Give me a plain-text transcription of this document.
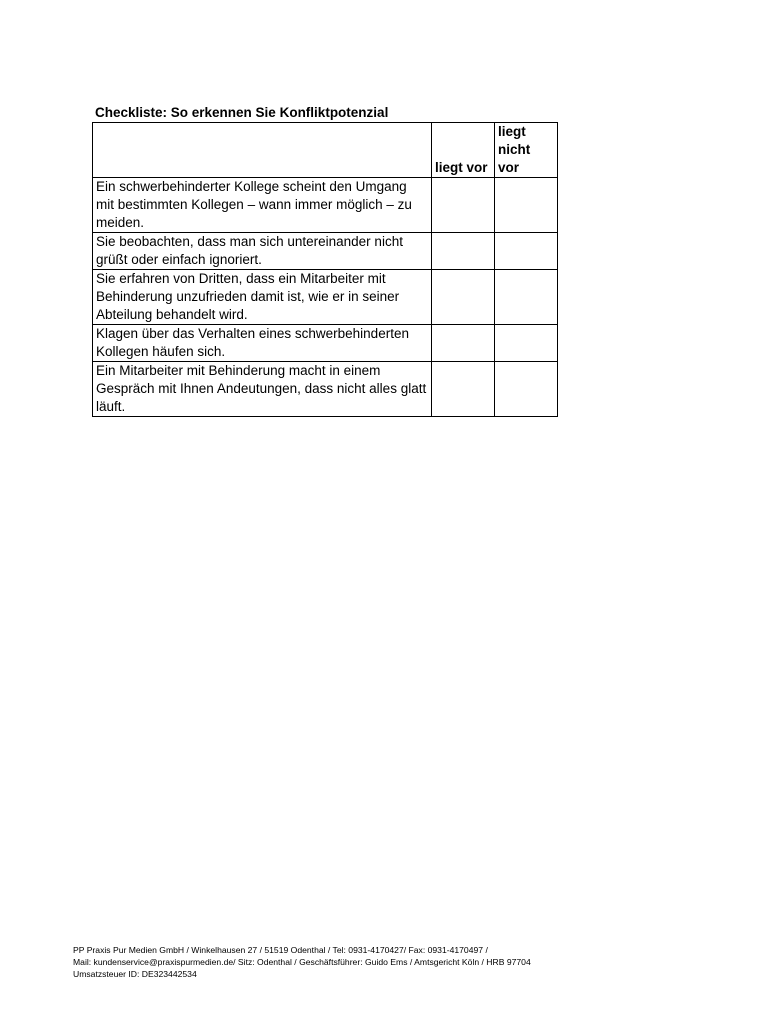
Checkliste: So erkennen Sie Konfliktpotenzial
	liegt vor	liegt nicht vor
Ein schwerbehinderter Kollege scheint den Umgang mit bestimmten Kollegen – wann immer möglich – zu meiden.		
Sie beobachten, dass man sich untereinander nicht grüßt oder einfach ignoriert.		
Sie erfahren von Dritten, dass ein Mitarbeiter mit Behinderung unzufrieden damit ist, wie er in seiner Abteilung behandelt wird.		
Klagen über das Verhalten eines schwerbehinderten Kollegen häufen sich.		
Ein Mitarbeiter mit Behinderung macht in einem Gespräch mit Ihnen Andeutungen, dass nicht alles glatt läuft.		
PP Praxis Pur Medien GmbH / Winkelhausen 27 / 51519 Odenthal / Tel: 0931-4170427/ Fax: 0931-4170497 /
Mail: kundenservice@praxispurmedien.de/ Sitz: Odenthal / Geschäftsführer: Guido Ems / Amtsgericht Köln / HRB 97704
Umsatzsteuer ID: DE323442534
